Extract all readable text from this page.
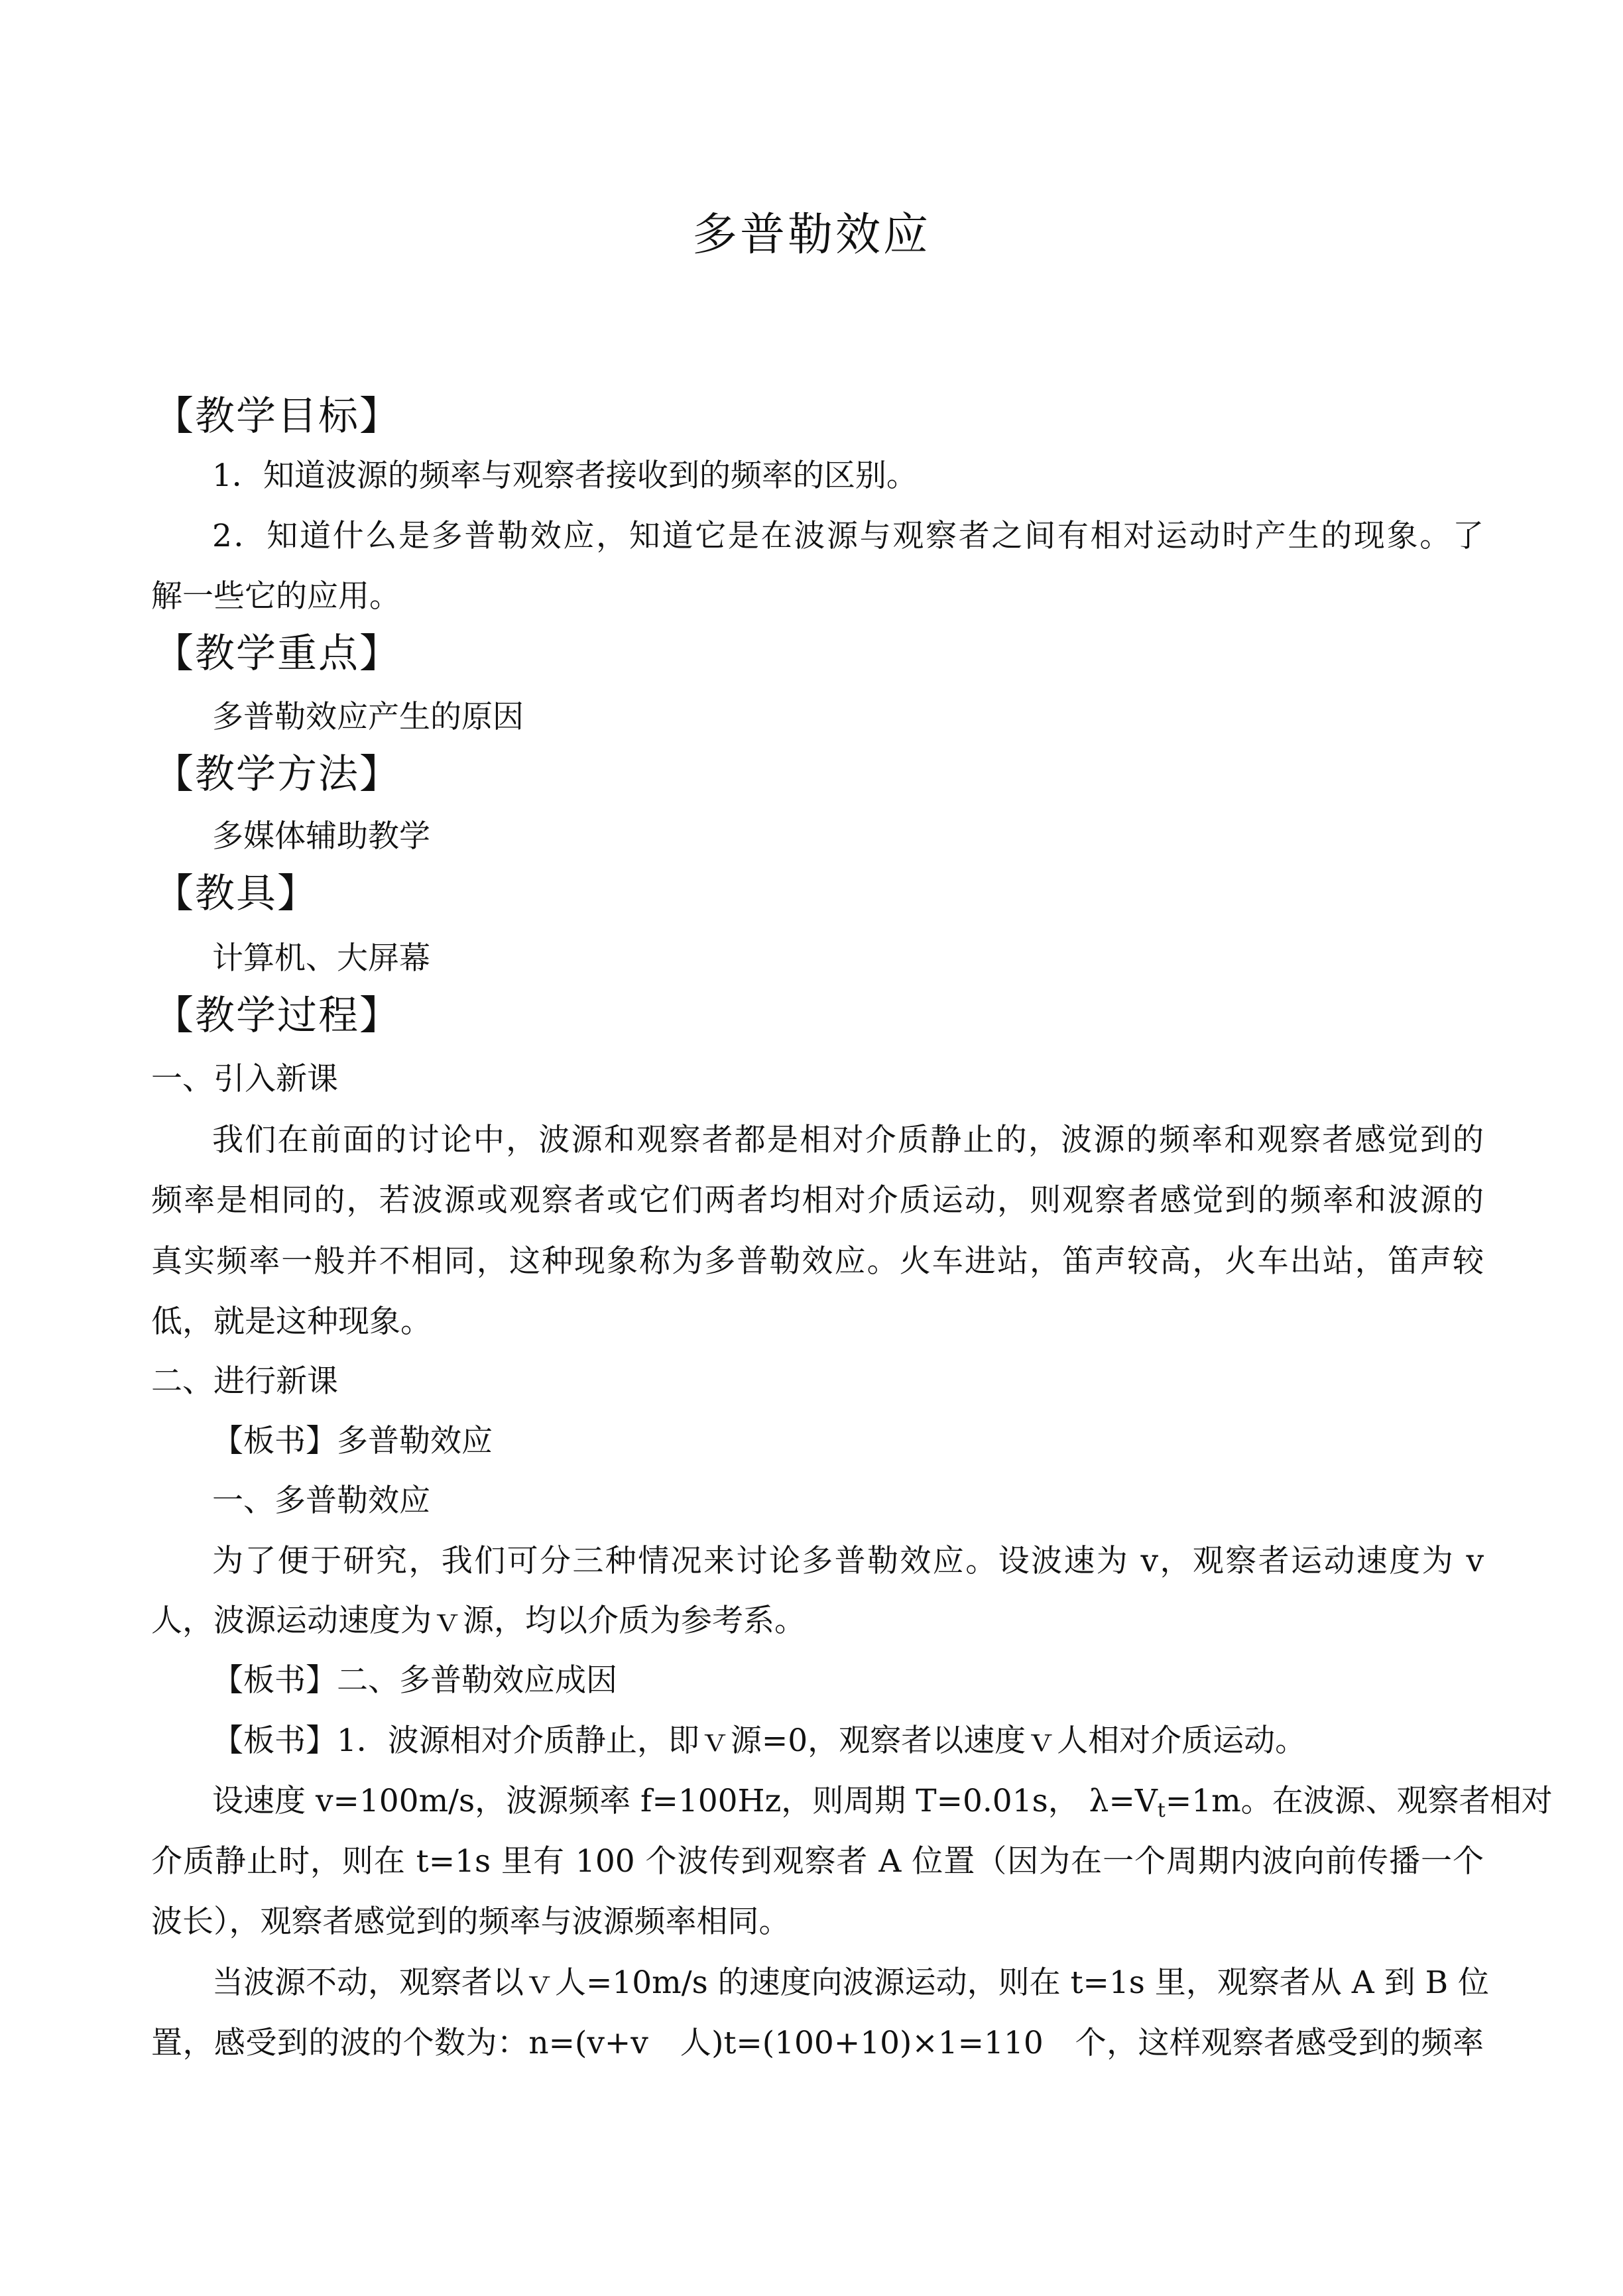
多普勒效应
【教学目标】
1．知道波源的频率与观察者接收到的频率的区别。
2．知道什么是多普勒效应，知道它是在波源与观察者之间有相对运动时产生的现象。了
解一些它的应用。
【教学重点】
多普勒效应产生的原因
【教学方法】
多媒体辅助教学
【教具】
计算机、大屏幕
【教学过程】
一、引入新课
我们在前面的讨论中，波源和观察者都是相对介质静止的，波源的频率和观察者感觉到的
频率是相同的，若波源或观察者或它们两者均相对介质运动，则观察者感觉到的频率和波源的
真实频率一般并不相同，这种现象称为多普勒效应。火车进站，笛声较高，火车出站，笛声较
低，就是这种现象。
二、进行新课
【板书】多普勒效应
一、多普勒效应
为了便于研究，我们可分三种情况来讨论多普勒效应。设波速为 v，观察者运动速度为 v
人，波源运动速度为ｖ源，均以介质为参考系。
【板书】二、多普勒效应成因
【板书】1．波源相对介质静止，即ｖ源=0，观察者以速度ｖ人相对介质运动。
设速度 v=100m/s，波源频率 f=100Hz，则周期 T=0.01s， $\lambda=V_t=1m$。在波源、观察者相对
介质静止时，则在 t=1s 里有 100 个波传到观察者 A 位置（因为在一个周期内波向前传播一个
波长），观察者感觉到的频率与波源频率相同。
当波源不动，观察者以ｖ人=10m/s 的速度向波源运动，则在 t=1s 里，观察者从 A 到 B 位
置，感受到的波的个数为：n=(v+v　人)t=(100+10)×1=110　个，这样观察者感受到的频率
